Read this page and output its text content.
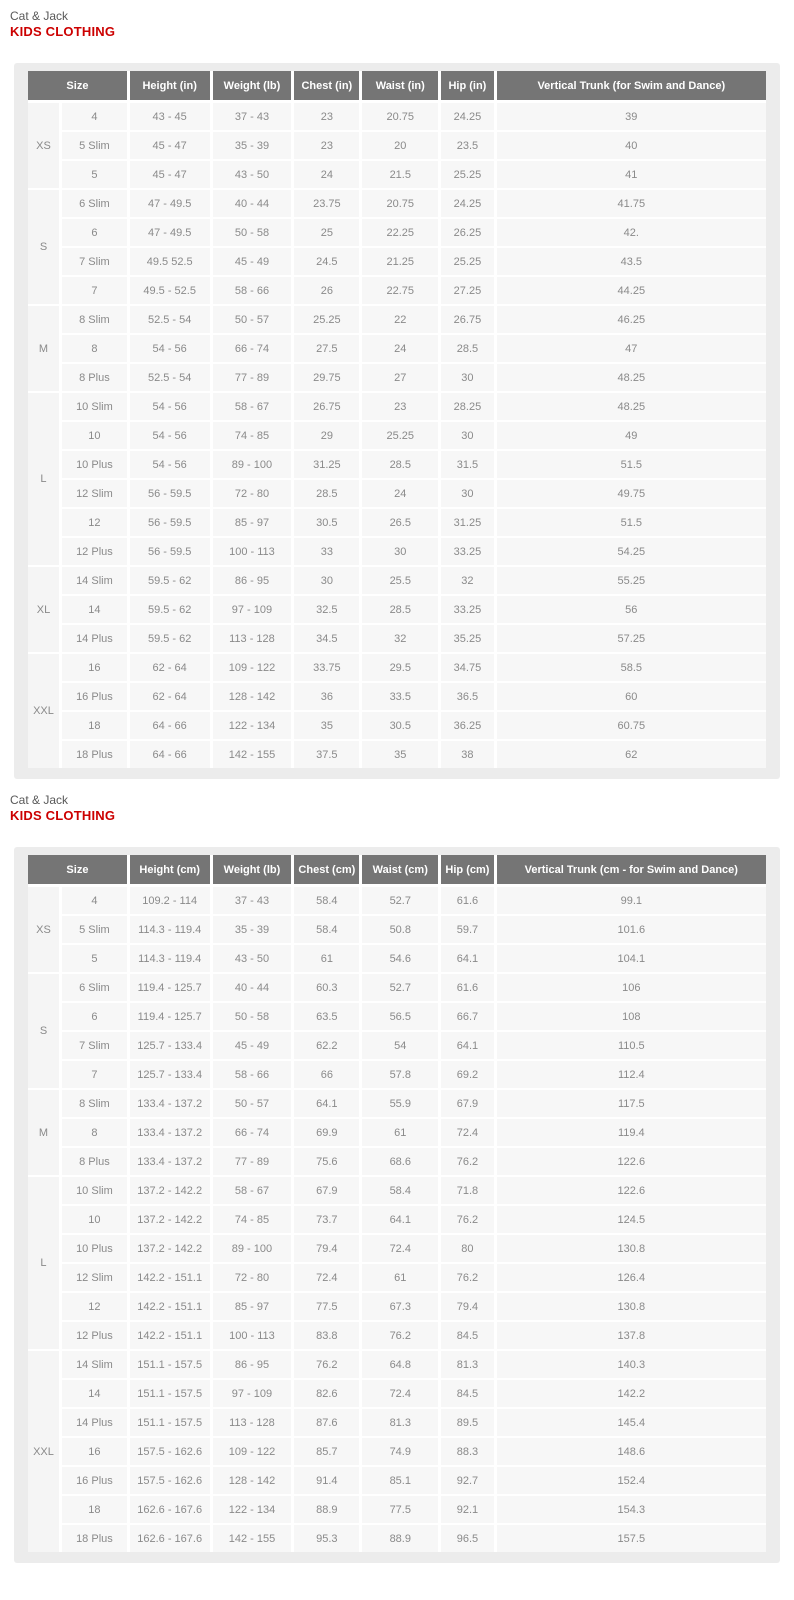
Cat & Jack
KIDS CLOTHING
Size		Height (in)	Weight (lb)	Chest (in)	Waist (in)	Hip (in)	Vertical Trunk (for Swim and Dance)
XS	4	43 - 45	37 - 43	23	20.75	24.25	39
	5 Slim	45 - 47	35 - 39	23	20	23.5	40
	5	45 - 47	43 - 50	24	21.5	25.25	41
S	6 Slim	47 - 49.5	40 - 44	23.75	20.75	24.25	41.75
	6	47 - 49.5	50 - 58	25	22.25	26.25	42.
	7 Slim	49.5 52.5	45 - 49	24.5	21.25	25.25	43.5
	7	49.5 - 52.5	58 - 66	26	22.75	27.25	44.25
M	8 Slim	52.5 - 54	50 - 57	25.25	22	26.75	46.25
	8	54 - 56	66 - 74	27.5	24	28.5	47
	8 Plus	52.5 - 54	77 - 89	29.75	27	30	48.25
L	10 Slim	54 - 56	58 - 67	26.75	23	28.25	48.25
	10	54 - 56	74 - 85	29	25.25	30	49
	10 Plus	54 - 56	89 - 100	31.25	28.5	31.5	51.5
	12 Slim	56 - 59.5	72 - 80	28.5	24	30	49.75
	12	56 - 59.5	85 - 97	30.5	26.5	31.25	51.5
	12 Plus	56 - 59.5	100 - 113	33	30	33.25	54.25
XL	14 Slim	59.5 - 62	86 - 95	30	25.5	32	55.25
	14	59.5 - 62	97 - 109	32.5	28.5	33.25	56
	14 Plus	59.5 - 62	113 - 128	34.5	32	35.25	57.25
XXL	16	62 - 64	109 - 122	33.75	29.5	34.75	58.5
	16 Plus	62 - 64	128 - 142	36	33.5	36.5	60
	18	64 - 66	122 - 134	35	30.5	36.25	60.75
	18 Plus	64 - 66	142 - 155	37.5	35	38	62
Cat & Jack
KIDS CLOTHING
Size		Height (cm)	Weight (lb)	Chest (cm)	Waist (cm)	Hip (cm)	Vertical Trunk (cm - for Swim and Dance)
XS	4	109.2 - 114	37 - 43	58.4	52.7	61.6	99.1
	5 Slim	114.3 - 119.4	35 - 39	58.4	50.8	59.7	101.6
	5	114.3 - 119.4	43 - 50	61	54.6	64.1	104.1
S	6 Slim	119.4 - 125.7	40 - 44	60.3	52.7	61.6	106
	6	119.4 - 125.7	50 - 58	63.5	56.5	66.7	108
	7 Slim	125.7 - 133.4	45 - 49	62.2	54	64.1	110.5
	7	125.7 - 133.4	58 - 66	66	57.8	69.2	112.4
M	8 Slim	133.4 - 137.2	50 - 57	64.1	55.9	67.9	117.5
	8	133.4 - 137.2	66 - 74	69.9	61	72.4	119.4
	8 Plus	133.4 - 137.2	77 - 89	75.6	68.6	76.2	122.6
L	10 Slim	137.2 - 142.2	58 - 67	67.9	58.4	71.8	122.6
	10	137.2 - 142.2	74 - 85	73.7	64.1	76.2	124.5
	10 Plus	137.2 - 142.2	89 - 100	79.4	72.4	80	130.8
	12 Slim	142.2 - 151.1	72 - 80	72.4	61	76.2	126.4
	12	142.2 - 151.1	85 - 97	77.5	67.3	79.4	130.8
	12 Plus	142.2 - 151.1	100 - 113	83.8	76.2	84.5	137.8
XXL	14 Slim	151.1 - 157.5	86 - 95	76.2	64.8	81.3	140.3
	14	151.1 - 157.5	97 - 109	82.6	72.4	84.5	142.2
	14 Plus	151.1 - 157.5	113 - 128	87.6	81.3	89.5	145.4
	16	157.5 - 162.6	109 - 122	85.7	74.9	88.3	148.6
	16 Plus	157.5 - 162.6	128 - 142	91.4	85.1	92.7	152.4
	18	162.6 - 167.6	122 - 134	88.9	77.5	92.1	154.3
	18 Plus	162.6 - 167.6	142 - 155	95.3	88.9	96.5	157.5
